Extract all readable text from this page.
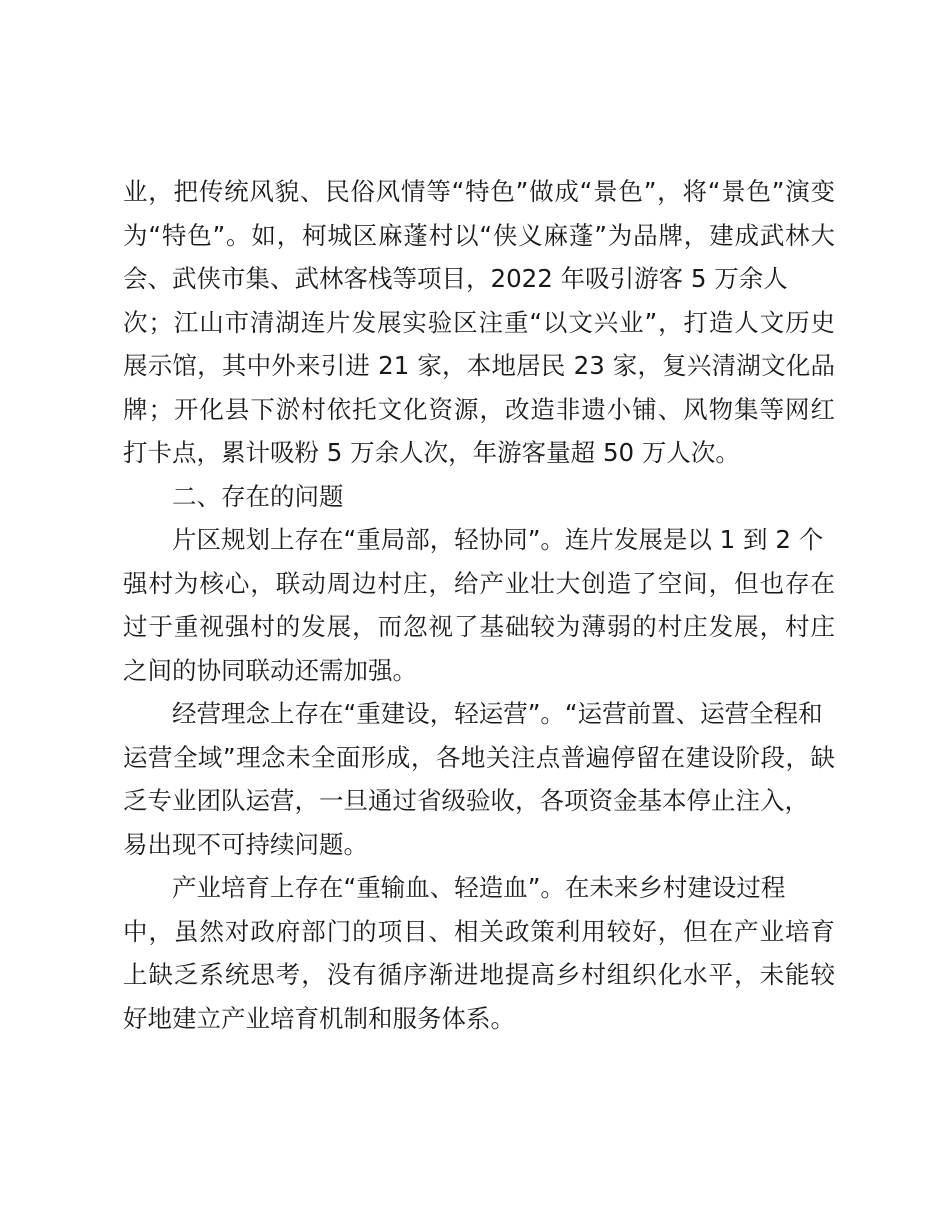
业，把传统风貌、民俗风情等“特色”做成“景色”，将“景色”演变
为“特色”。如，柯城区麻蓬村以“侠义麻蓬”为品牌，建成武林大
会、武侠市集、武林客栈等项目，2022 年吸引游客 5 万余人
次；江山市清湖连片发展实验区注重“以文兴业”，打造人文历史
展示馆，其中外来引进 21 家，本地居民 23 家，复兴清湖文化品
牌；开化县下淤村依托文化资源，改造非遗小铺、风物集等网红
打卡点，累计吸粉 5 万余人次，年游客量超 50 万人次。
二、存在的问题
片区规划上存在“重局部，轻协同”。连片发展是以 1 到 2 个
强村为核心，联动周边村庄，给产业壮大创造了空间，但也存在
过于重视强村的发展，而忽视了基础较为薄弱的村庄发展，村庄
之间的协同联动还需加强。
经营理念上存在“重建设，轻运营”。“运营前置、运营全程和
运营全域”理念未全面形成，各地关注点普遍停留在建设阶段，缺
乏专业团队运营，一旦通过省级验收，各项资金基本停止注入，
易出现不可持续问题。
产业培育上存在“重输血、轻造血”。在未来乡村建设过程
中，虽然对政府部门的项目、相关政策利用较好，但在产业培育
上缺乏系统思考，没有循序渐进地提高乡村组织化水平，未能较
好地建立产业培育机制和服务体系。
